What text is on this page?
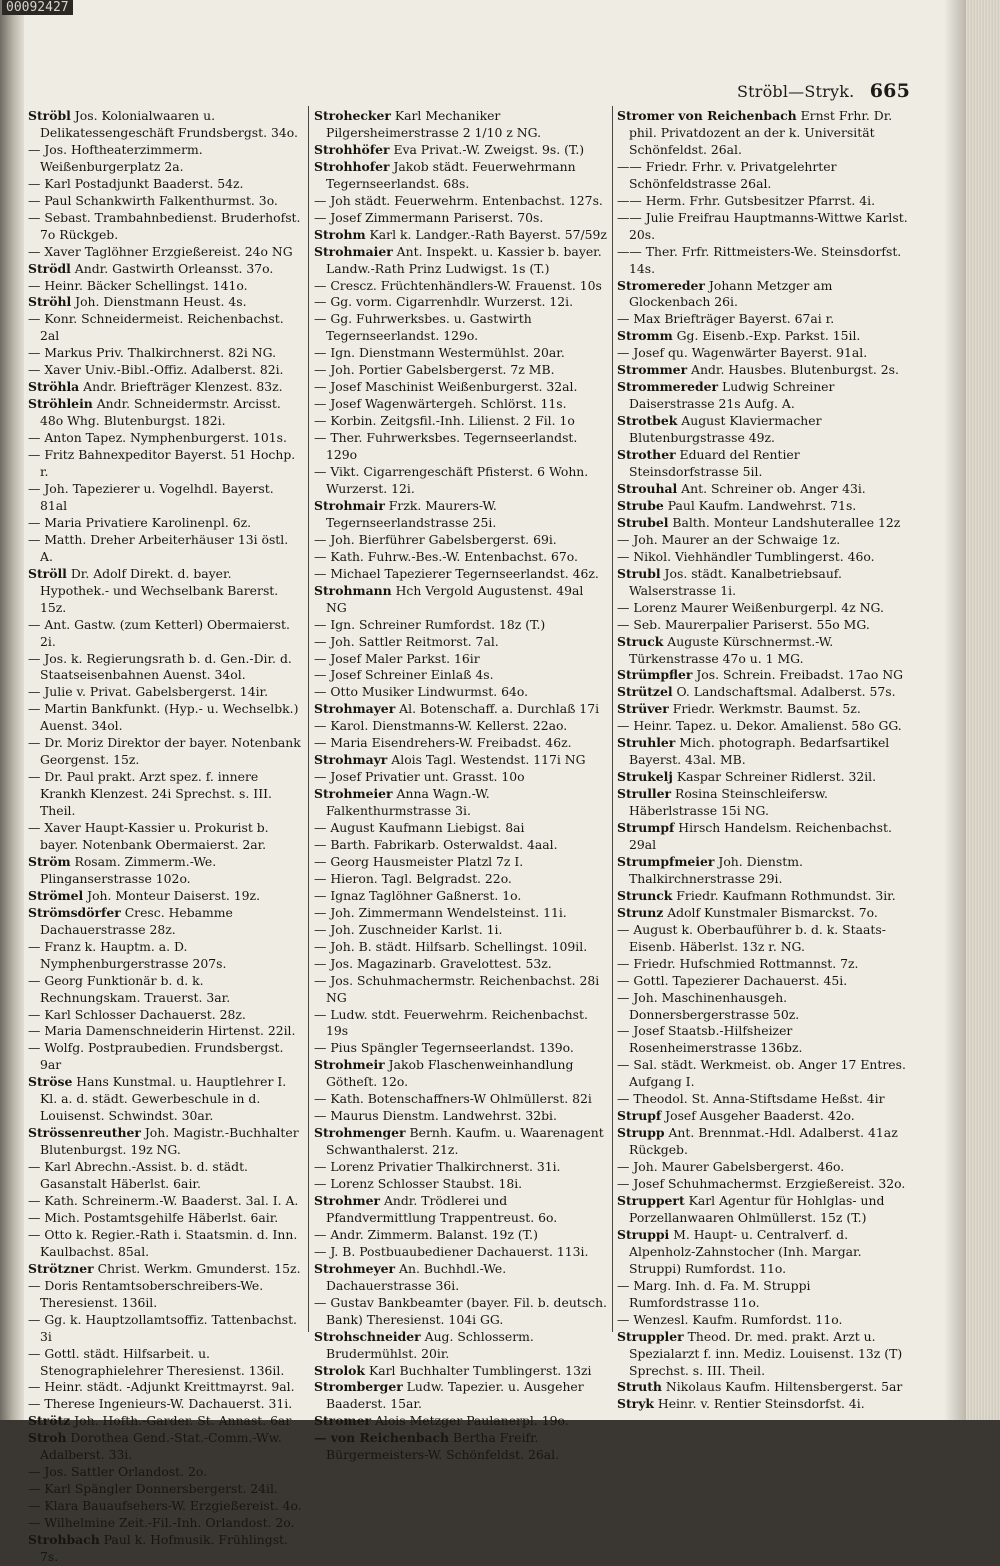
00092427
Ströbl—Stryk. 665

Ströbl Jos. Kolonialwaaren u. Delikatessengeschäft Frundsbergst. 34o.

— Jos. Hoftheaterzimmerm. Weißenburgerplatz 2a.

— Karl Postadjunkt Baaderst. 54z.

— Paul Schankwirth Falkenthurmst. 3o.

— Sebast. Trambahnbedienst. Bruderhofst. 7o Rückgeb.

— Xaver Taglöhner Erzgießereist. 24o NG

Strödl Andr. Gastwirth Orleansst. 37o.

— Heinr. Bäcker Schellingst. 141o.

Ströhl Joh. Dienstmann Heust. 4s.

— Konr. Schneidermeist. Reichenbachst. 2al

— Markus Priv. Thalkirchnerst. 82i NG.

— Xaver Univ.-Bibl.-Offiz. Adalberst. 82i.

Ströhla Andr. Briefträger Klenzest. 83z.

Ströhlein Andr. Schneidermstr. Arcisst. 48o Whg. Blutenburgst. 182i.

— Anton Tapez. Nymphenburgerst. 101s.

— Fritz Bahnexpeditor Bayerst. 51 Hochp. r.

— Joh. Tapezierer u. Vogelhdl. Bayerst. 81al

— Maria Privatiere Karolinenpl. 6z.

— Matth. Dreher Arbeiterhäuser 13i östl. A.

Ströll Dr. Adolf Direkt. d. bayer. Hypothek.- und Wechselbank Barerst. 15z.

— Ant. Gastw. (zum Ketterl) Obermaierst. 2i.

— Jos. k. Regierungsrath b. d. Gen.-Dir. d. Staatseisenbahnen Auenst. 34ol.

— Julie v. Privat. Gabelsbergerst. 14ir.

— Martin Bankfunkt. (Hyp.- u. Wechselbk.) Auenst. 34ol.

— Dr. Moriz Direktor der bayer. Notenbank Georgenst. 15z.

— Dr. Paul prakt. Arzt spez. f. innere Krankh Klenzest. 24i Sprechst. s. III. Theil.

— Xaver Haupt-Kassier u. Prokurist b. bayer. Notenbank Obermaierst. 2ar.

Ström Rosam. Zimmerm.-We. Plinganserstrasse 102o.

Strömel Joh. Monteur Daiserst. 19z.

Strömsdörfer Cresc. Hebamme Dachauerstrasse 28z.

— Franz k. Hauptm. a. D. Nymphenburgerstrasse 207s.

— Georg Funktionär b. d. k. Rechnungskam. Trauerst. 3ar.

— Karl Schlosser Dachauerst. 28z.

— Maria Damenschneiderin Hirtenst. 22il.

— Wolfg. Postpraubedien. Frundsbergst. 9ar

Ströse Hans Kunstmal. u. Hauptlehrer I. Kl. a. d. städt. Gewerbeschule in d. Louisenst. Schwindst. 30ar.

Strössenreuther Joh. Magistr.-Buchhalter Blutenburgst. 19z NG.

— Karl Abrechn.-Assist. b. d. städt. Gasanstalt Häberlst. 6air.

— Kath. Schreinerm.-W. Baaderst. 3al. I. A.

— Mich. Postamtsgehilfe Häberlst. 6air.

— Otto k. Regier.-Rath i. Staatsmin. d. Inn. Kaulbachst. 85al.

Strötzner Christ. Werkm. Gmunderst. 15z.

— Doris Rentamtsoberschreibers-We. Theresienst. 136il.

— Gg. k. Hauptzollamtsoffiz. Tattenbachst. 3i

— Gottl. städt. Hilfsarbeit. u. Stenographielehrer Theresienst. 136il.

— Heinr. städt. -Adjunkt Kreittmayrst. 9al.

— Therese Ingenieurs-W. Dachauerst. 31i.

Strötz Joh. Hofth.-Garder. St. Annast. 6ar

Stroh Dorothea Gend.-Stat.-Comm.-Ww. Adalberst. 33i.

— Jos. Sattler Orlandost. 2o.

— Karl Spängler Donnersbergerst. 24il.

— Klara Bauaufsehers-W. Erzgießereist. 4o.

— Wilhelmine Zeit.-Fil.-Inh. Orlandost. 2o.

Strohbach Paul k. Hofmusik. Frühlingst. 7s.

Strohecker Karl Mechaniker Pilgersheimerstrasse 2 1/10 z NG.

Strohhöfer Eva Privat.-W. Zweigst. 9s. (T.)

Strohhofer Jakob städt. Feuerwehrmann Tegernseerlandst. 68s.

— Joh städt. Feuerwehrm. Entenbachst. 127s.

— Josef Zimmermann Pariserst. 70s.

Strohm Karl k. Landger.-Rath Bayerst. 57/59z

Strohmaier Ant. Inspekt. u. Kassier b. bayer. Landw.-Rath Prinz Ludwigst. 1s (T.)

— Crescz. Früchtenhändlers-W. Frauenst. 10s

— Gg. vorm. Cigarrenhdlr. Wurzerst. 12i.

— Gg. Fuhrwerksbes. u. Gastwirth Tegernseerlandst. 129o.

— Ign. Dienstmann Westermühlst. 20ar.

— Joh. Portier Gabelsbergerst. 7z MB.

— Josef Maschinist Weißenburgerst. 32al.

— Josef Wagenwärtergeh. Schlörst. 11s.

— Korbin. Zeitgsfil.-Inh. Lilienst. 2 Fil. 1o

— Ther. Fuhrwerksbes. Tegernseerlandst. 129o

— Vikt. Cigarrengeschäft Pfisterst. 6 Wohn. Wurzerst. 12i.

Strohmair Frzk. Maurers-W. Tegernseerlandstrasse 25i.

— Joh. Bierführer Gabelsbergerst. 69i.

— Kath. Fuhrw.-Bes.-W. Entenbachst. 67o.

— Michael Tapezierer Tegernseerlandst. 46z.

Strohmann Hch Vergold Augustenst. 49al NG

— Ign. Schreiner Rumfordst. 18z (T.)

— Joh. Sattler Reitmorst. 7al.

— Josef Maler Parkst. 16ir

— Josef Schreiner Einlaß 4s.

— Otto Musiker Lindwurmst. 64o.

Strohmayer Al. Botenschaff. a. Durchlaß 17i

— Karol. Dienstmanns-W. Kellerst. 22ao.

— Maria Eisendrehers-W. Freibadst. 46z.

Strohmayr Alois Tagl. Westendst. 117i NG

— Josef Privatier unt. Grasst. 10o

Strohmeier Anna Wagn.-W. Falkenthurmstrasse 3i.

— August Kaufmann Liebigst. 8ai

— Barth. Fabrikarb. Osterwaldst. 4aal.

— Georg Hausmeister Platzl 7z I.

— Hieron. Tagl. Belgradst. 22o.

— Ignaz Taglöhner Gaßnerst. 1o.

— Joh. Zimmermann Wendelsteinst. 11i.

— Joh. Zuschneider Karlst. 1i.

— Joh. B. städt. Hilfsarb. Schellingst. 109il.

— Jos. Magazinarb. Gravelottest. 53z.

— Jos. Schuhmachermstr. Reichenbachst. 28i NG

— Ludw. stdt. Feuerwehrm. Reichenbachst. 19s

— Pius Spängler Tegernseerlandst. 139o.

Strohmeir Jakob Flaschenweinhandlung Götheſt. 12o.

— Kath. Botenschaffners-W Ohlmüllerst. 82i

— Maurus Dienstm. Landwehrst. 32bi.

Strohmenger Bernh. Kaufm. u. Waarenagent Schwanthalerst. 21z.

— Lorenz Privatier Thalkirchnerst. 31i.

— Lorenz Schlosser Staubst. 18i.

Strohmer Andr. Trödlerei und Pfandvermittlung Trappentreust. 6o.

— Andr. Zimmerm. Balanst. 19z (T.)

— J. B. Postbuaubediener Dachauerst. 113i.

Strohmeyer An. Buchhdl.-We. Dachauerstrasse 36i.

— Gustav Bankbeamter (bayer. Fil. b. deutsch. Bank) Theresienst. 104i GG.

Strohschneider Aug. Schlosserm. Brudermühlst. 20ir.

Strolok Karl Buchhalter Tumblingerst. 13zi

Stromberger Ludw. Tapezier. u. Ausgeher Baaderst. 15ar.

Stromer Alois Metzger Paulanerpl. 19o.

— von Reichenbach Bertha Freifr. Bürgermeisters-W. Schönfeldst. 26al.

Stromer von Reichenbach Ernst Frhr. Dr. phil. Privatdozent an der k. Universität Schönfeldst. 26al.

—— Friedr. Frhr. v. Privatgelehrter Schönfeldstrasse 26al.

—— Herm. Frhr. Gutsbesitzer Pfarrst. 4i.

—— Julie Freifrau Hauptmanns-Wittwe Karlst. 20s.

—— Ther. Frfr. Rittmeisters-We. Steinsdorfst. 14s.

Stromereder Johann Metzger am Glockenbach 26i.

— Max Briefträger Bayerst. 67ai r.

Stromm Gg. Eisenb.-Exp. Parkst. 15il.

— Josef qu. Wagenwärter Bayerst. 91al.

Strommer Andr. Hausbes. Blutenburgst. 2s.

Strommereder Ludwig Schreiner Daiserstrasse 21s Aufg. A.

Strotbek August Klaviermacher Blutenburgstrasse 49z.

Strother Eduard del Rentier Steinsdorfstrasse 5il.

Strouhal Ant. Schreiner ob. Anger 43i.

Strube Paul Kaufm. Landwehrst. 71s.

Strubel Balth. Monteur Landshuterallee 12z

— Joh. Maurer an der Schwaige 1z.

— Nikol. Viehhändler Tumblingerst. 46o.

Strubl Jos. städt. Kanalbetriebsauf. Walserstrasse 1i.

— Lorenz Maurer Weißenburgerpl. 4z NG.

— Seb. Maurerpalier Pariserst. 55o MG.

Struck Auguste Kürschnermst.-W. Türkenstrasse 47o u. 1 MG.

Strümpfler Jos. Schrein. Freibadst. 17ao NG

Strützel O. Landschaftsmal. Adalberst. 57s.

Strüver Friedr. Werkmstr. Baumst. 5z.

— Heinr. Tapez. u. Dekor. Amalienst. 58o GG.

Struhler Mich. photograph. Bedarfsartikel Bayerst. 43al. MB.

Strukelj Kaspar Schreiner Ridlerst. 32il.

Struller Rosina Steinschleifersw. Häberlstrasse 15i NG.

Strumpf Hirsch Handelsm. Reichenbachst. 29al

Strumpfmeier Joh. Dienstm. Thalkirchnerstrasse 29i.

Strunck Friedr. Kaufmann Rothmundst. 3ir.

Strunz Adolf Kunstmaler Bismarckst. 7o.

— August k. Oberbauführer b. d. k. Staats-Eisenb. Häberlst. 13z r. NG.

— Friedr. Hufschmied Rottmannst. 7z.

— Gottl. Tapezierer Dachauerst. 45i.

— Joh. Maschinenhausgeh. Donnersbergerstrasse 50z.

— Josef Staatsb.-Hilfsheizer Rosenheimerstrasse 136bz.

— Sal. städt. Werkmeist. ob. Anger 17 Entres. Aufgang I.

— Theodol. St. Anna-Stiftsdame Heßst. 4ir

Strupf Josef Ausgeher Baaderst. 42o.

Strupp Ant. Brennmat.-Hdl. Adalberst. 41az Rückgeb.

— Joh. Maurer Gabelsbergerst. 46o.

— Josef Schuhmachermst. Erzgießereist. 32o.

Struppert Karl Agentur für Hohlglas- und Porzellanwaaren Ohlmüllerst. 15z (T.)

Struppi M. Haupt- u. Centralverf. d. Alpenholz-Zahnstocher (Inh. Margar. Struppi) Rumfordst. 11o.

— Marg. Inh. d. Fa. M. Struppi Rumfordstrasse 11o.

— Wenzesl. Kaufm. Rumfordst. 11o.

Struppler Theod. Dr. med. prakt. Arzt u. Spezialarzt f. inn. Mediz. Louisenst. 13z (T) Sprechst. s. III. Theil.

Struth Nikolaus Kaufm. Hiltensbergerst. 5ar

Stryk Heinr. v. Rentier Steinsdorfst. 4i.
